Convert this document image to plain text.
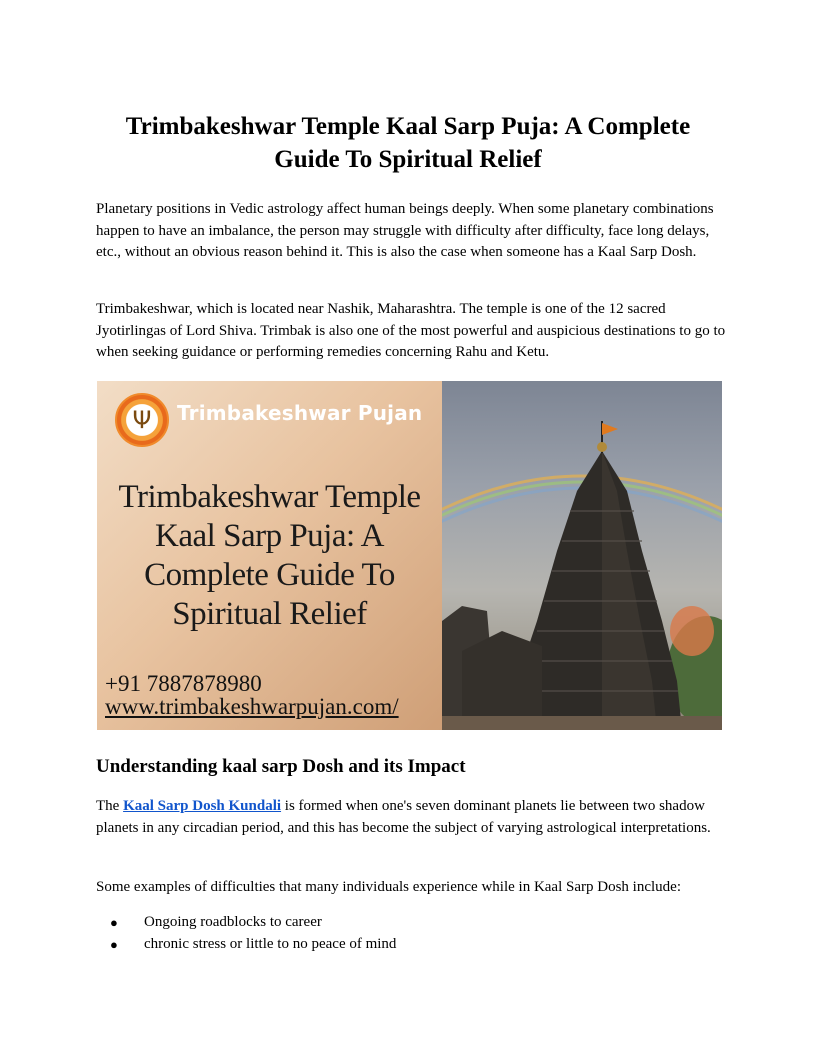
Trimbakeshwar Temple Kaal Sarp Puja: A Complete Guide To Spiritual Relief

Planetary positions in Vedic astrology affect human beings deeply. When some planetary combinations happen to have an imbalance, the person may struggle with difficulty after difficulty, face long delays, etc., without an obvious reason behind it. This is also the case when someone has a Kaal Sarp Dosh.

Trimbakeshwar, which is located near Nashik, Maharashtra. The temple is one of the 12 sacred Jyotirlingas of Lord Shiva. Trimbak is also one of the most powerful and auspicious destinations to go to when seeking guidance or performing remedies concerning Rahu and Ketu.

Ψ	Trimbakeshwar Pujan
Trimbakeshwar Temple
Kaal Sarp Puja: A
Complete Guide To
Spiritual Relief
+91 7887878980
www.trimbakeshwarpujan.com/
Understanding kaal sarp Dosh and its Impact

The Kaal Sarp Dosh Kundali is formed when one's seven dominant planets lie between two shadow planets in any circadian period, and this has become the subject of varying astrological interpretations.

Some examples of difficulties that many individuals experience while in Kaal Sarp Dosh include:

● Ongoing roadblocks to career
● chronic stress or little to no peace of mind
